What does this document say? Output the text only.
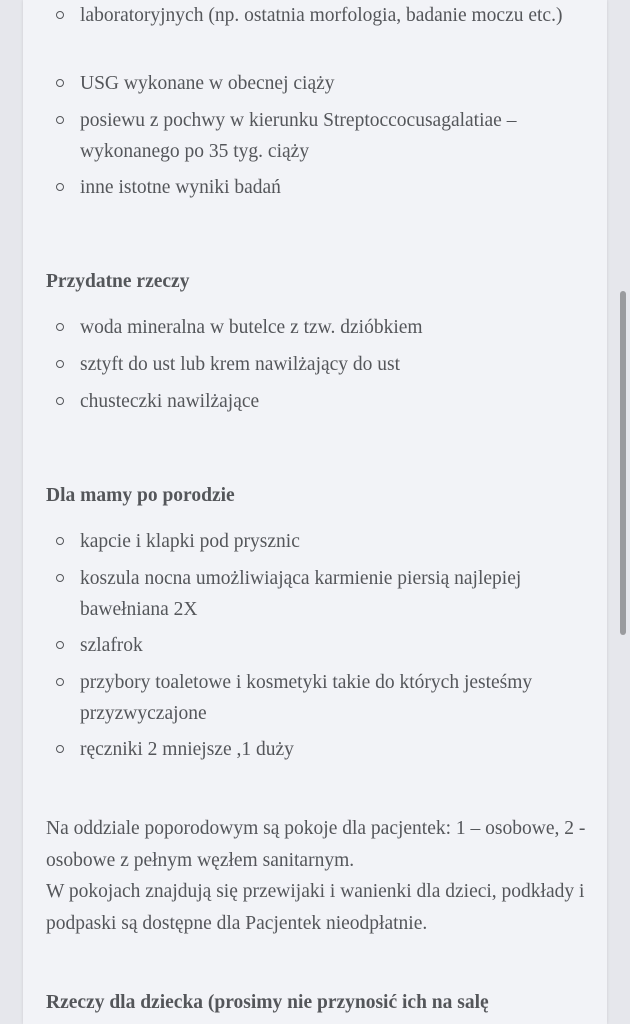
laboratoryjnych (np. ostatnia morfologia, badanie moczu etc.)
USG wykonane w obecnej ciąży
posiewu z pochwy w kierunku Streptoccocusagalatiae – wykonanego po 35 tyg. ciąży
inne istotne wyniki badań
Przydatne rzeczy
woda mineralna w butelce z tzw. dzióbkiem
sztyft do ust lub krem nawilżający do ust
chusteczki nawilżające
Dla mamy po porodzie
kapcie i klapki pod prysznic
koszula nocna umożliwiająca karmienie piersią najlepiej bawełniana 2X
szlafrok
przybory toaletowe i kosmetyki takie do których jesteśmy przyzwyczajone
ręczniki 2 mniejsze ,1 duży
Na oddziale poporodowym są pokoje dla pacjentek: 1 – osobowe, 2 - osobowe z pełnym węzłem sanitarnym.
W pokojach znajdują się przewijaki i wanienki dla dzieci, podkłady i podpaski są dostępne dla Pacjentek nieodpłatnie.
Rzeczy dla dziecka (prosimy nie przynosić ich na salę
